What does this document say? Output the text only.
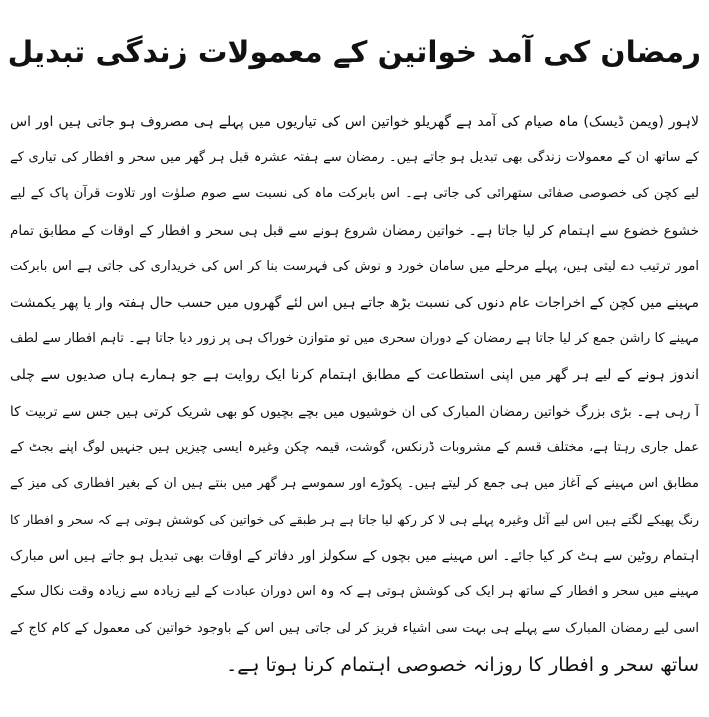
رمضان کی آمد خواتین کے معمولات زندگی تبدیل
لاہور (ویمن ڈیسک) ماہ صیام کی آمد ہے گھریلو خواتین اس کی تیاریوں میں پہلے ہی مصروف ہو جاتی ہیں اور اس
کے ساتھ ان کے معمولات زندگی بھی تبدیل ہو جاتے ہیں۔ رمضان سے ہفتہ عشرہ قبل ہر گھر میں سحر و افطار کی تیاری کے
لیے کچن کی خصوصی صفائی ستھرائی کی جاتی ہے۔ اس بابرکت ماہ کی نسبت سے صوم صلوٰت اور تلاوت قرآن پاک کے لیے
خشوع خضوع سے اہتمام کر لیا جاتا ہے۔ خواتین رمضان شروع ہونے سے قبل ہی سحر و افطار کے اوقات کے مطابق تمام
امور ترتیب دے لیتی ہیں، پہلے مرحلے میں سامان خورد و نوش کی فہرست بنا کر اس کی خریداری کی جاتی ہے اس بابرکت
مہینے میں کچن کے اخراجات عام دنوں کی نسبت بڑھ جاتے ہیں اس لئے گھروں میں حسب حال ہفتہ وار یا پھر یکمشت
مہینے کا راشن جمع کر لیا جاتا ہے رمضان کے دوران سحری میں تو متوازن خوراک ہی پر زور دیا جاتا ہے۔ تاہم افطار سے لطف
اندوز ہونے کے لیے ہر گھر میں اپنی استطاعت کے مطابق اہتمام کرنا ایک روایت ہے جو ہمارے ہاں صدیوں سے چلی
آ رہی ہے۔ بڑی بزرگ خواتین رمضان المبارک کی ان خوشیوں میں بچے بچیوں کو بھی شریک کرتی ہیں جس سے تربیت کا
عمل جاری رہتا ہے، مختلف قسم کے مشروبات ڈرنکس، گوشت، قیمہ چکن وغیرہ ایسی چیزیں ہیں جنہیں لوگ اپنے بجٹ کے
مطابق اس مہینے کے آغاز میں ہی جمع کر لیتے ہیں۔ پکوڑے اور سموسے ہر گھر میں بنتے ہیں ان کے بغیر افطاری کی میز کے
رنگ پھیکے لگتے ہیں اس لیے آئل وغیرہ پہلے ہی لا کر رکھ لیا جاتا ہے ہر طبقے کی خواتین کی کوشش ہوتی ہے کہ سحر و افطار کا
اہتمام روٹین سے ہٹ کر کیا جائے۔ اس مہینے میں بچوں کے سکولز اور دفاتر کے اوقات بھی تبدیل ہو جاتے ہیں اس مبارک
مہینے میں سحر و افطار کے ساتھ ہر ایک کی کوشش ہوتی ہے کہ وہ اس دوران عبادت کے لیے زیادہ سے زیادہ وقت نکال سکے
اسی لیے رمضان المبارک سے پہلے ہی بہت سی اشیاء فریز کر لی جاتی ہیں اس کے باوجود خواتین کی معمول کے کام کاج کے
ساتھ سحر و افطار کا روزانہ خصوصی اہتمام کرنا ہوتا ہے۔
